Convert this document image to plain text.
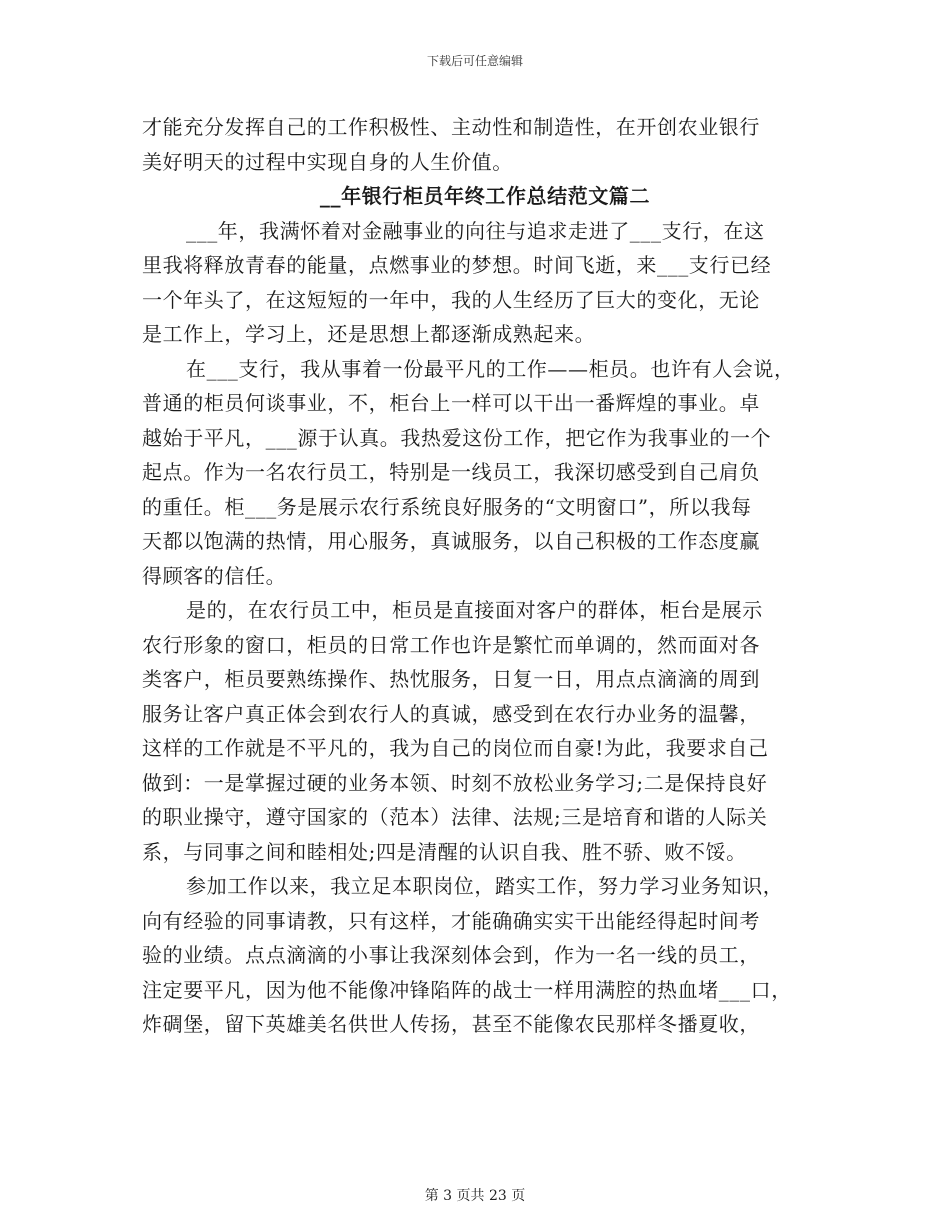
下载后可任意编辑
才能充分发挥自己的工作积极性、主动性和制造性，在开创农业银行
美好明天的过程中实现自身的人生价值。
__年银行柜员年终工作总结范文篇二
___年，我满怀着对金融事业的向往与追求走进了___支行，在这
里我将释放青春的能量，点燃事业的梦想。时间飞逝，来___支行已经
一个年头了，在这短短的一年中，我的人生经历了巨大的变化，无论
是工作上，学习上，还是思想上都逐渐成熟起来。
在___支行，我从事着一份最平凡的工作——柜员。也许有人会说，
普通的柜员何谈事业，不，柜台上一样可以干出一番辉煌的事业。卓
越始于平凡，___源于认真。我热爱这份工作，把它作为我事业的一个
起点。作为一名农行员工，特别是一线员工，我深切感受到自己肩负
的重任。柜___务是展示农行系统良好服务的“文明窗口”，所以我每
天都以饱满的热情，用心服务，真诚服务，以自己积极的工作态度赢
得顾客的信任。
是的，在农行员工中，柜员是直接面对客户的群体，柜台是展示
农行形象的窗口，柜员的日常工作也许是繁忙而单调的，然而面对各
类客户，柜员要熟练操作、热忱服务，日复一日，用点点滴滴的周到
服务让客户真正体会到农行人的真诚，感受到在农行办业务的温馨，
这样的工作就是不平凡的，我为自己的岗位而自豪!为此，我要求自己
做到：一是掌握过硬的业务本领、时刻不放松业务学习;二是保持良好
的职业操守，遵守国家的（范本）法律、法规;三是培育和谐的人际关
系，与同事之间和睦相处;四是清醒的认识自我、胜不骄、败不馁。
参加工作以来，我立足本职岗位，踏实工作，努力学习业务知识，
向有经验的同事请教，只有这样，才能确确实实干出能经得起时间考
验的业绩。点点滴滴的小事让我深刻体会到，作为一名一线的员工，
注定要平凡，因为他不能像冲锋陷阵的战士一样用满腔的热血堵___口，
炸碉堡，留下英雄美名供世人传扬，甚至不能像农民那样冬播夏收，
第 3 页共 23 页
